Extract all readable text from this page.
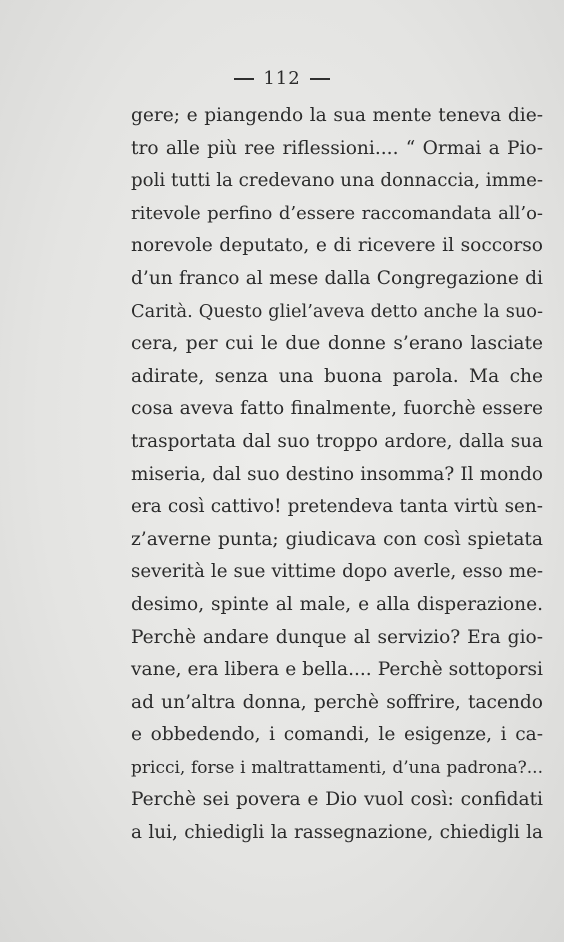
112
gere; e piangendo la sua mente teneva die-
tro alle più ree riflessioni.... “ Ormai a Pio-
poli tutti la credevano una donnaccia, imme-
ritevole perfino d’essere raccomandata all’o-
norevole deputato, e di ricevere il soccorso
d’un franco al mese dalla Congregazione di
Carità. Questo gliel’aveva detto anche la suo-
cera, per cui le due donne s’erano lasciate
adirate, senza una buona parola. Ma che
cosa aveva fatto finalmente, fuorchè essere
trasportata dal suo troppo ardore, dalla sua
miseria, dal suo destino insomma? Il mondo
era così cattivo! pretendeva tanta virtù sen-
z’averne punta; giudicava con così spietata
severità le sue vittime dopo averle, esso me-
desimo, spinte al male, e alla disperazione.
Perchè andare dunque al servizio? Era gio-
vane, era libera e bella.... Perchè sottoporsi
ad un’altra donna, perchè soffrire, tacendo
e obbedendo, i comandi, le esigenze, i ca-
pricci, forse i maltrattamenti, d’una padrona?...
Perchè sei povera e Dio vuol così: confidati
a lui, chiedigli la rassegnazione, chiedigli la
